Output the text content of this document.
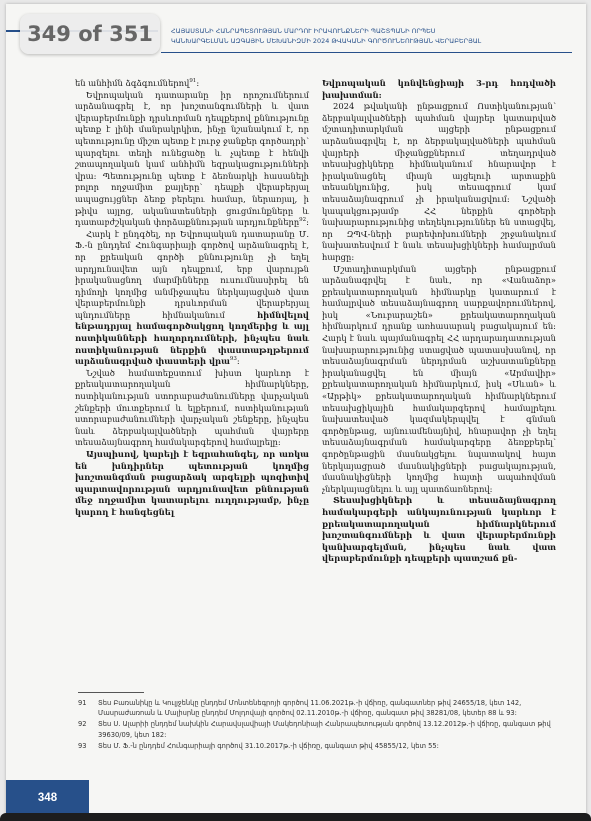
ՀԱՅԱՍՏԱՆԻ ՀԱՆՐԱՊԵՏՈՒԹՅԱՆ ՄԱՐԴՈՒ ԻՐԱՎՈՒՆՔՆԵՐԻ ՊԱՇՏՊԱՆԻ ՈՐՊԵՍ
ԿԱՆԽԱՐԳԵԼՄԱՆ ԱԶԳԱՅԻՆ ՄԵԽԱՆԻԶՄԻ 2024 ԹՎԱԿԱՆԻ ԳՈՐԾՈՒՆԵՈՒԹՅԱՆ ՎԵՐԱԲԵՐՅԱԼ

են անհիմն ձգձգումներով$^{91}$:

Եվրոպական դատարանը իր որոշումներում արձանագրել է, որ խոշտանգումների և վատ վերաբերմունքի դրսևորման դեպքերով քննությունը պետք է լինի մանրակրկիտ, ինչը նշանակում է, որ պետությունը միշտ պետք է լուրջ ջանքեր գործադրի՝ պարզելու տեղի ունեցածը և չպետք է հենվի շտապողական կամ անհիմն եզրակացությունների վրա: Պետությունը պետք է ձեռնարկի հասանելի բոլոր ողջամիտ քայլերը՝ դեպքի վերաբերյալ ապացույցներ ձեռք բերելու համար, ներառյալ, ի թիվս այլոց, ականատեսների ցուցմունքները և դատաբժշկական փորձաքննության արդյունքները$^{92}$:

Հարկ է ընդգծել, որ Եվրոպական դատարանը Մ. Ֆ.-ն ընդդեմ Հունգարիայի գործով արձանագրել է, որ քրեական գործի քննությունը չի եղել արդյունավետ այն դեպքում, երբ վարույթն իրականացնող մարմինները ուսումնասիրել են դիմողի կողմից անմիջապես ներկայացված վատ վերաբերմունքի դրսևորման վերաբերյալ պնդումները հիմնականում	հիմնվելով ենթադրյալ համագործակցող կողմերից և այլ ոստիկանների հաղորդումների, ինչպես նաև ոստիկանության ներքին փաստաթղթերում արձանագրված փաստերի վրա$^{93}$:

Նշված համատեքստում խիստ կարևոր է քրեակատարողական հիմնարկները, ոստիկանության ստորաբաժանումները վարչական շենքերի մուտքերում և ելքերում, ոստիկանության ստորաբաժանումների վարչական շենքերը, ինչպես նաև ձերբակալվածների պահման վայրերը տեսաձայնագրող համակարգերով համալրելը:

Այսպիսով, կարելի է եզրահանգել, որ առկա են խնդիրներ պետության կողմից խոշտանգման բացարձակ արգելքի պոզիտիվ պարտավորության արդյունավետ քննության մեջ ողջամիտ կատարելու ուղղությամբ, ինչը կարող է հանգեցնել

Եվրոպական կոնվենցիայի 3-րդ հոդվածի խախտման:

2024 թվականի ընթացքում Ոստիկանության՝ ձերբակալվածների պահման վայրեր կատարված մշտադիտարկման այցերի ընթացքում արձանագրվել է, որ ձերբակալվածների պահման վայրերի միջանցքներում տեղադրված տեսախցիկները հիմնականում հնարավոր է իրականացնել միայն այցելուի արտաքին տեսանկյունից, իսկ տեսագրում կամ տեսաձայնագրում չի իրականացվում: Նշվածի կապակցությամբ ՀՀ ներքին գործերի նախարարությունից տեղեկություններ են ստացվել, որ ԶՊՎ-ների բարեփոխումների շրջանակում նախատեսվում է նաև տեսախցիկների համալրման հարցը:

Մշտադիտարկման այցերի ընթացքում արձանագրվել է նաև, որ «Վանաձոր» քրեակատարողական հիմնարկը կատարում է համալրված տեսաձայնագրող սարքավորումներով, իսկ «Նուբարաշեն» քրեակատարողական հիմնարկում դրանք առհասարակ բացակայում են: Հարկ է նաև պայմանագրել ՀՀ արդարադատության նախարարությունից ստացված պատասխանով, որ տեսաձայնագրման ներդրման աշխատանքները իրականացվել են միայն «Արմավիր» քրեակատարողական հիմնարկում, իսկ «Սևան» և «Արթիկ» քրեակատարողական հիմնարկներում տեսախցիկային համակարգերով համալրելու նախատեսված կազմակերպվել է գնման գործընթաց, այնուամենայնիվ, հնարավոր չի եղել տեսաձայնագրման համակարգերը ձեռքբերել՝ գործընթացին մասնակցելու նպատակով հայտ ներկայացրած մասնակիցների բացակայության, մասնակիցների կողմից հայտի ապահովման չներկայացնելու և այլ պատճառներով:

Տեսախցիկների և տեսաձայնագրող համակարգերի անկայունության կարևոր է քրեակատարողական հիմնարկներում խոշտանգումների և վատ վերաբերմունքի կանխարգելման, ինչպես նաև վատ վերաբերմունքի դեպքերի պատշաճ քն-

91	Տես Բառանիկը և Կուլյջենկը ընդդեմ Մոնտենեգրոյի գործով 11.06.2021թ.-ի վճիռը, գանգատներ թիվ 24655/18, կետ 142, Մասրաժառոան և Մալիսրնը ընդդեմ Մոլդովայի գործով 02.11.2010թ.-ի վճիռը, գանգատ թիվ 38281/08, կետեր 88 և 93:
92	Տես Ս. Ալարիի ընդդեմ նախկին Հարավսլավիայի Մակեդոնիայի Հանրապետության գործով 13.12.2012թ.-ի վճիռը, գանգատ թիվ 39630/09, կետ 182:
93	Տես Մ. Ֆ.-ն ընդդեմ Հունգարիայի գործով 31.10.2017թ.-ի վճիռը, գանգատ թիվ 45855/12, կետ 55:
348
349 of 351
